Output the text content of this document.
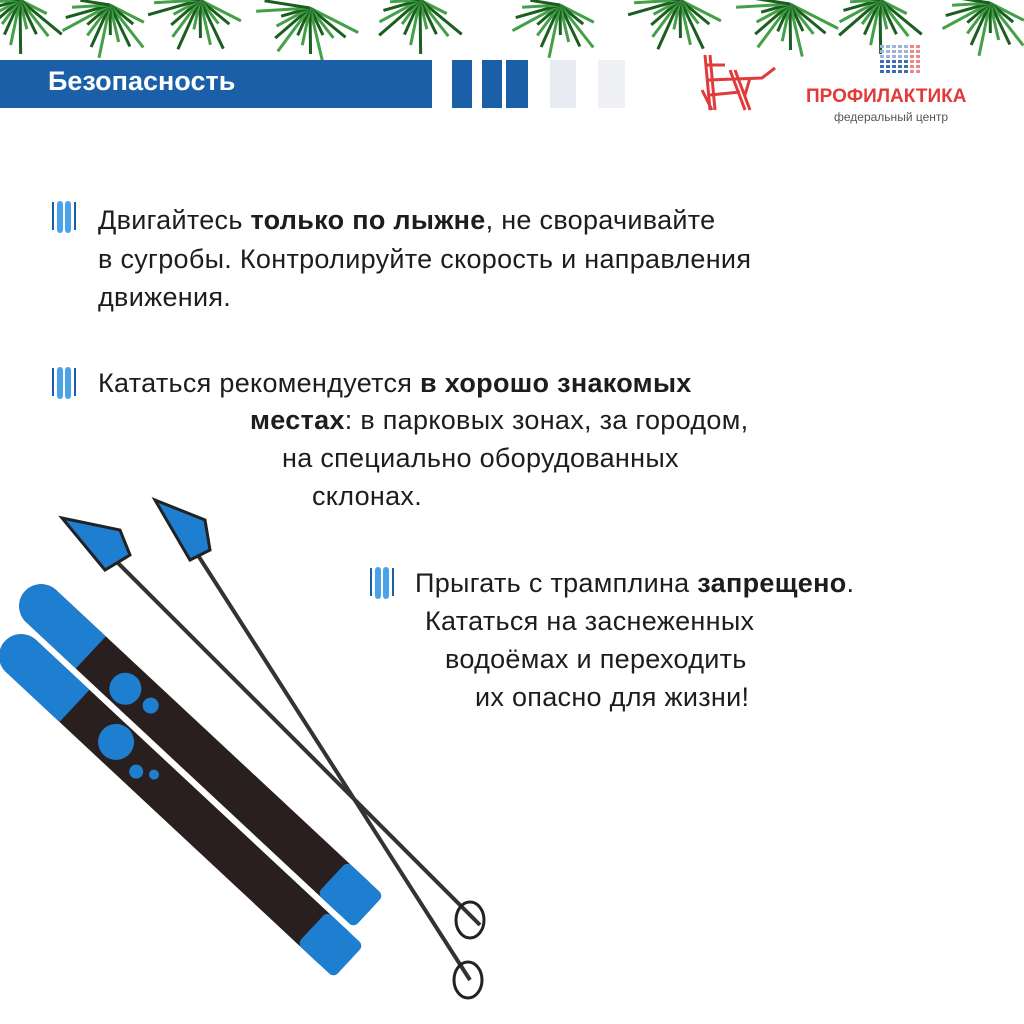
Безопасность
ПРОФИЛАКТИКА
федеральный центр
Двигайтесь только по лыжне, не сворачивайте
в сугробы. Контролируйте скорость и направления
движения.
Кататься рекомендуется в хорошо знакомых
местах: в парковых зонах, за городом,
на специально оборудованных
склонах.
Прыгать с трамплина запрещено.
Кататься на заснеженных
водоёмах и переходить
их опасно для жизни!
